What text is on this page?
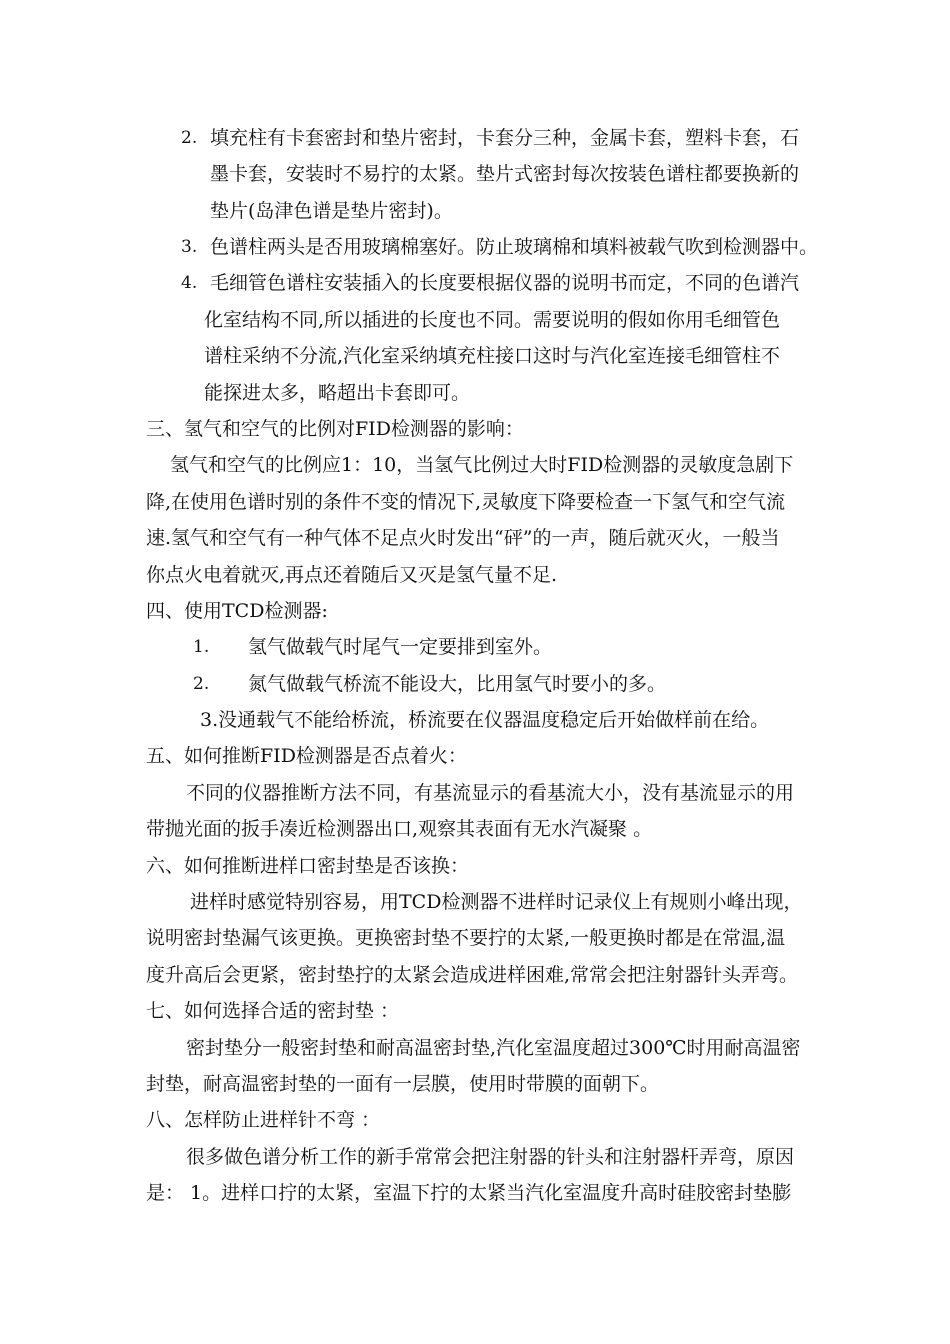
2. 填充柱有卡套密封和垫片密封，卡套分三种，金属卡套，塑料卡套，石
墨卡套，安装时不易拧的太紧。垫片式密封每次按装色谱柱都要换新的
垫片(岛津色谱是垫片密封)。
3. 色谱柱两头是否用玻璃棉塞好。防止玻璃棉和填料被载气吹到检测器中。
4. 毛细管色谱柱安装插入的长度要根据仪器的说明书而定，不同的色谱汽
化室结构不同,所以插进的长度也不同。需要说明的假如你用毛细管色
谱柱采纳不分流,汽化室采纳填充柱接口这时与汽化室连接毛细管柱不
能探进太多，略超出卡套即可。
三、氢气和空气的比例对FID检测器的影响：
氢气和空气的比例应1：10，当氢气比例过大时FID检测器的灵敏度急剧下
降,在使用色谱时别的条件不变的情况下,灵敏度下降要检查一下氢气和空气流
速.氢气和空气有一种气体不足点火时发出“砰”的一声，随后就灭火，一般当
你点火电着就灭,再点还着随后又灭是氢气量不足.
四、使用TCD检测器:
1. 氢气做载气时尾气一定要排到室外。
2. 氮气做载气桥流不能设大，比用氢气时要小的多。
3.没通载气不能给桥流，桥流要在仪器温度稳定后开始做样前在给。
五、如何推断FID检测器是否点着火：
不同的仪器推断方法不同，有基流显示的看基流大小，没有基流显示的用
带抛光面的扳手凑近检测器出口,观察其表面有无水汽凝聚 。
六、如何推断进样口密封垫是否该换：
进样时感觉特别容易，用TCD检测器不进样时记录仪上有规则小峰出现，
说明密封垫漏气该更换。更换密封垫不要拧的太紧,一般更换时都是在常温,温
度升高后会更紧，密封垫拧的太紧会造成进样困难,常常会把注射器针头弄弯。
七、如何选择合适的密封垫 ：
密封垫分一般密封垫和耐高温密封垫,汽化室温度超过300℃时用耐高温密
封垫，耐高温密封垫的一面有一层膜，使用时带膜的面朝下。
八、怎样防止进样针不弯 ：
很多做色谱分析工作的新手常常会把注射器的针头和注射器杆弄弯，原因
是： 1。进样口拧的太紧，室温下拧的太紧当汽化室温度升高时硅胶密封垫膨
